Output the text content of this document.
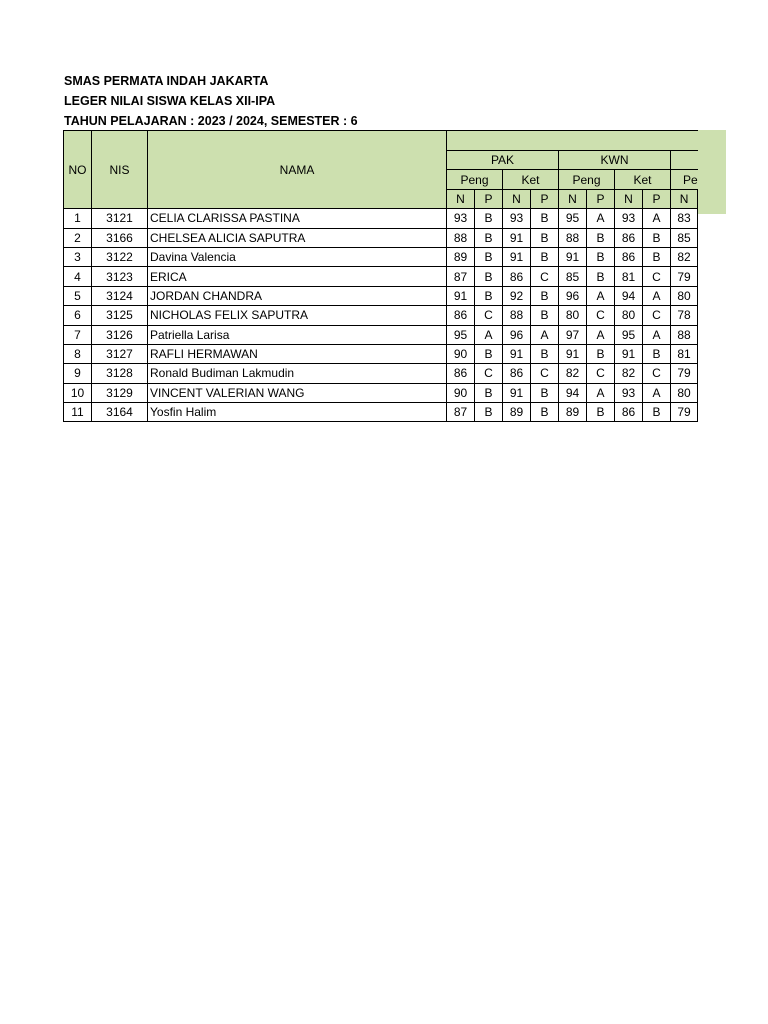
SMAS PERMATA INDAH JAKARTA
LEGER NILAI SISWA KELAS XII-IPA
TAHUN PELAJARAN : 2023 / 2024, SEMESTER : 6
NO	NIS	NAMA									
			PAK				KWN				
			Peng		Ket		Peng		Ket		Pe
			N	P	N	P	N	P	N	P	N
1	3121	CELIA CLARISSA PASTINA	93	B	93	B	95	A	93	A	83
2	3166	CHELSEA ALICIA SAPUTRA	88	B	91	B	88	B	86	B	85
3	3122	Davina Valencia	89	B	91	B	91	B	86	B	82
4	3123	ERICA	87	B	86	C	85	B	81	C	79
5	3124	JORDAN CHANDRA	91	B	92	B	96	A	94	A	80
6	3125	NICHOLAS FELIX SAPUTRA	86	C	88	B	80	C	80	C	78
7	3126	Patriella Larisa	95	A	96	A	97	A	95	A	88
8	3127	RAFLI HERMAWAN	90	B	91	B	91	B	91	B	81
9	3128	Ronald Budiman Lakmudin	86	C	86	C	82	C	82	C	79
10	3129	VINCENT VALERIAN WANG	90	B	91	B	94	A	93	A	80
11	3164	Yosfin Halim	87	B	89	B	89	B	86	B	79
